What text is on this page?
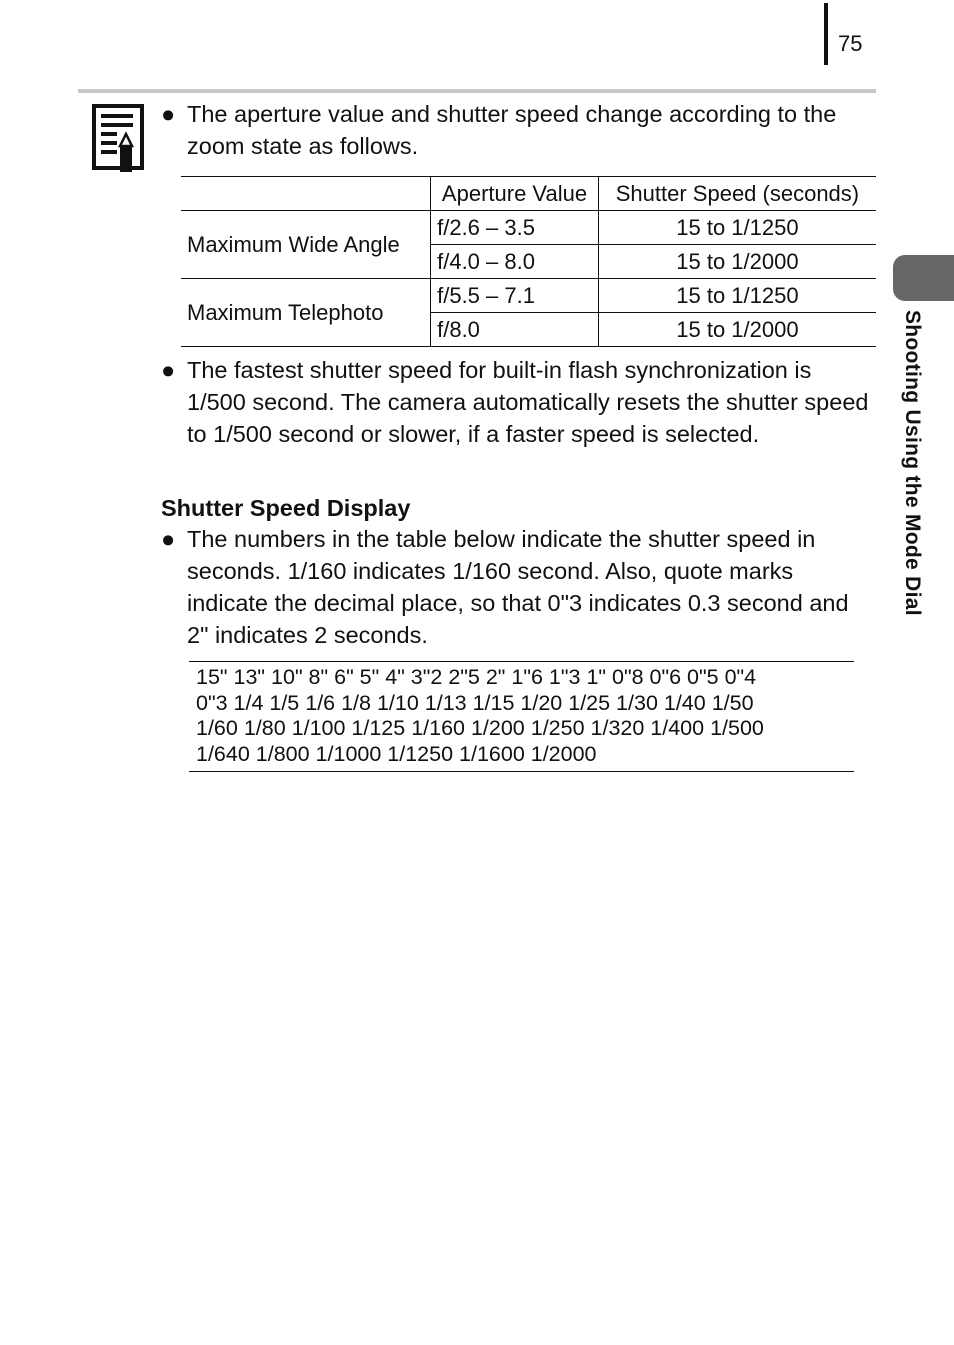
75
● The aperture value and shutter speed change according to the zoom state as follows.
	Aperture Value	Shutter Speed (seconds)
Maximum Wide Angle	f/2.6 – 3.5	15 to 1/1250
	f/4.0 – 8.0	15 to 1/2000
Maximum Telephoto	f/5.5 – 7.1	15 to 1/1250
	f/8.0	15 to 1/2000
● The fastest shutter speed for built-in flash synchronization is 1/500 second. The camera automatically resets the shutter speed to 1/500 second or slower, if a faster speed is selected.
Shutter Speed Display
● The numbers in the table below indicate the shutter speed in seconds. 1/160 indicates 1/160 second. Also, quote marks indicate the decimal place, so that 0"3 indicates 0.3 second and 2" indicates 2 seconds.
15" 13" 10" 8" 6" 5" 4" 3"2 2"5 2" 1"6 1"3 1" 0"8 0"6 0"5 0"4
0"3 1/4 1/5 1/6 1/8 1/10 1/13 1/15 1/20 1/25 1/30 1/40 1/50
1/60 1/80 1/100 1/125 1/160 1/200 1/250 1/320 1/400 1/500
1/640 1/800 1/1000 1/1250 1/1600 1/2000
Shooting Using the Mode Dial
